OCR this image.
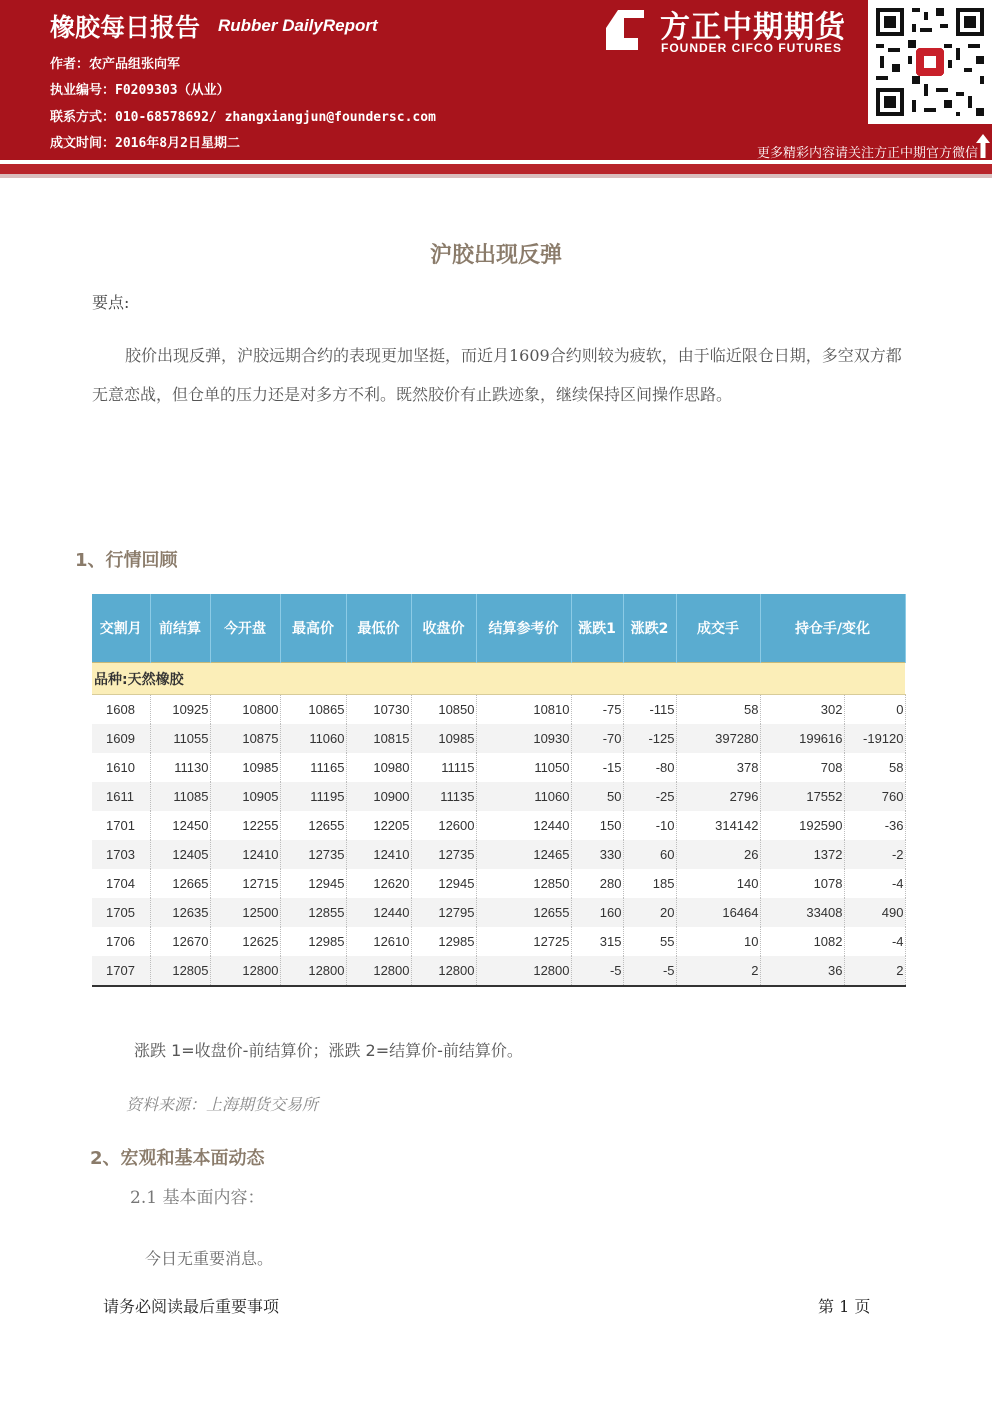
橡胶每日报告 Rubber DailyReport
作者：农产品组张向军
执业编号：F0209303（从业）
联系方式：010-68578692/ zhangxiangjun@foundersc.com
成文时间：2016年8月2日星期二
方正中期期货
FOUNDER CIFCO FUTURES
更多精彩内容请关注方正中期官方微信
沪胶出现反弹
要点:
胶价出现反弹，沪胶远期合约的表现更加坚挺，而近月1609合约则较为疲软，由于临近限仓日期，多空双方都无意恋战，但仓单的压力还是对多方不利。既然胶价有止跌迹象，继续保持区间操作思路。
1、行情回顾
交割月	前结算	今开盘	最高价	最低价	收盘价	结算参考价	涨跌1	涨跌2	成交手	持仓手/变化	
品种:天然橡胶											
1608	10925	10800	10865	10730	10850	10810	-75	-115	58	302	0
1609	11055	10875	11060	10815	10985	10930	-70	-125	397280	199616	-19120
1610	11130	10985	11165	10980	11115	11050	-15	-80	378	708	58
1611	11085	10905	11195	10900	11135	11060	50	-25	2796	17552	760
1701	12450	12255	12655	12205	12600	12440	150	-10	314142	192590	-36
1703	12405	12410	12735	12410	12735	12465	330	60	26	1372	-2
1704	12665	12715	12945	12620	12945	12850	280	185	140	1078	-4
1705	12635	12500	12855	12440	12795	12655	160	20	16464	33408	490
1706	12670	12625	12985	12610	12985	12725	315	55	10	1082	-4
1707	12805	12800	12800	12800	12800	12800	-5	-5	2	36	2
涨跌 1=收盘价-前结算价；涨跌 2=结算价-前结算价。
资料来源：上海期货交易所
2、宏观和基本面动态
2.1 基本面内容：
今日无重要消息。
请务必阅读最后重要事项	第 1 页
